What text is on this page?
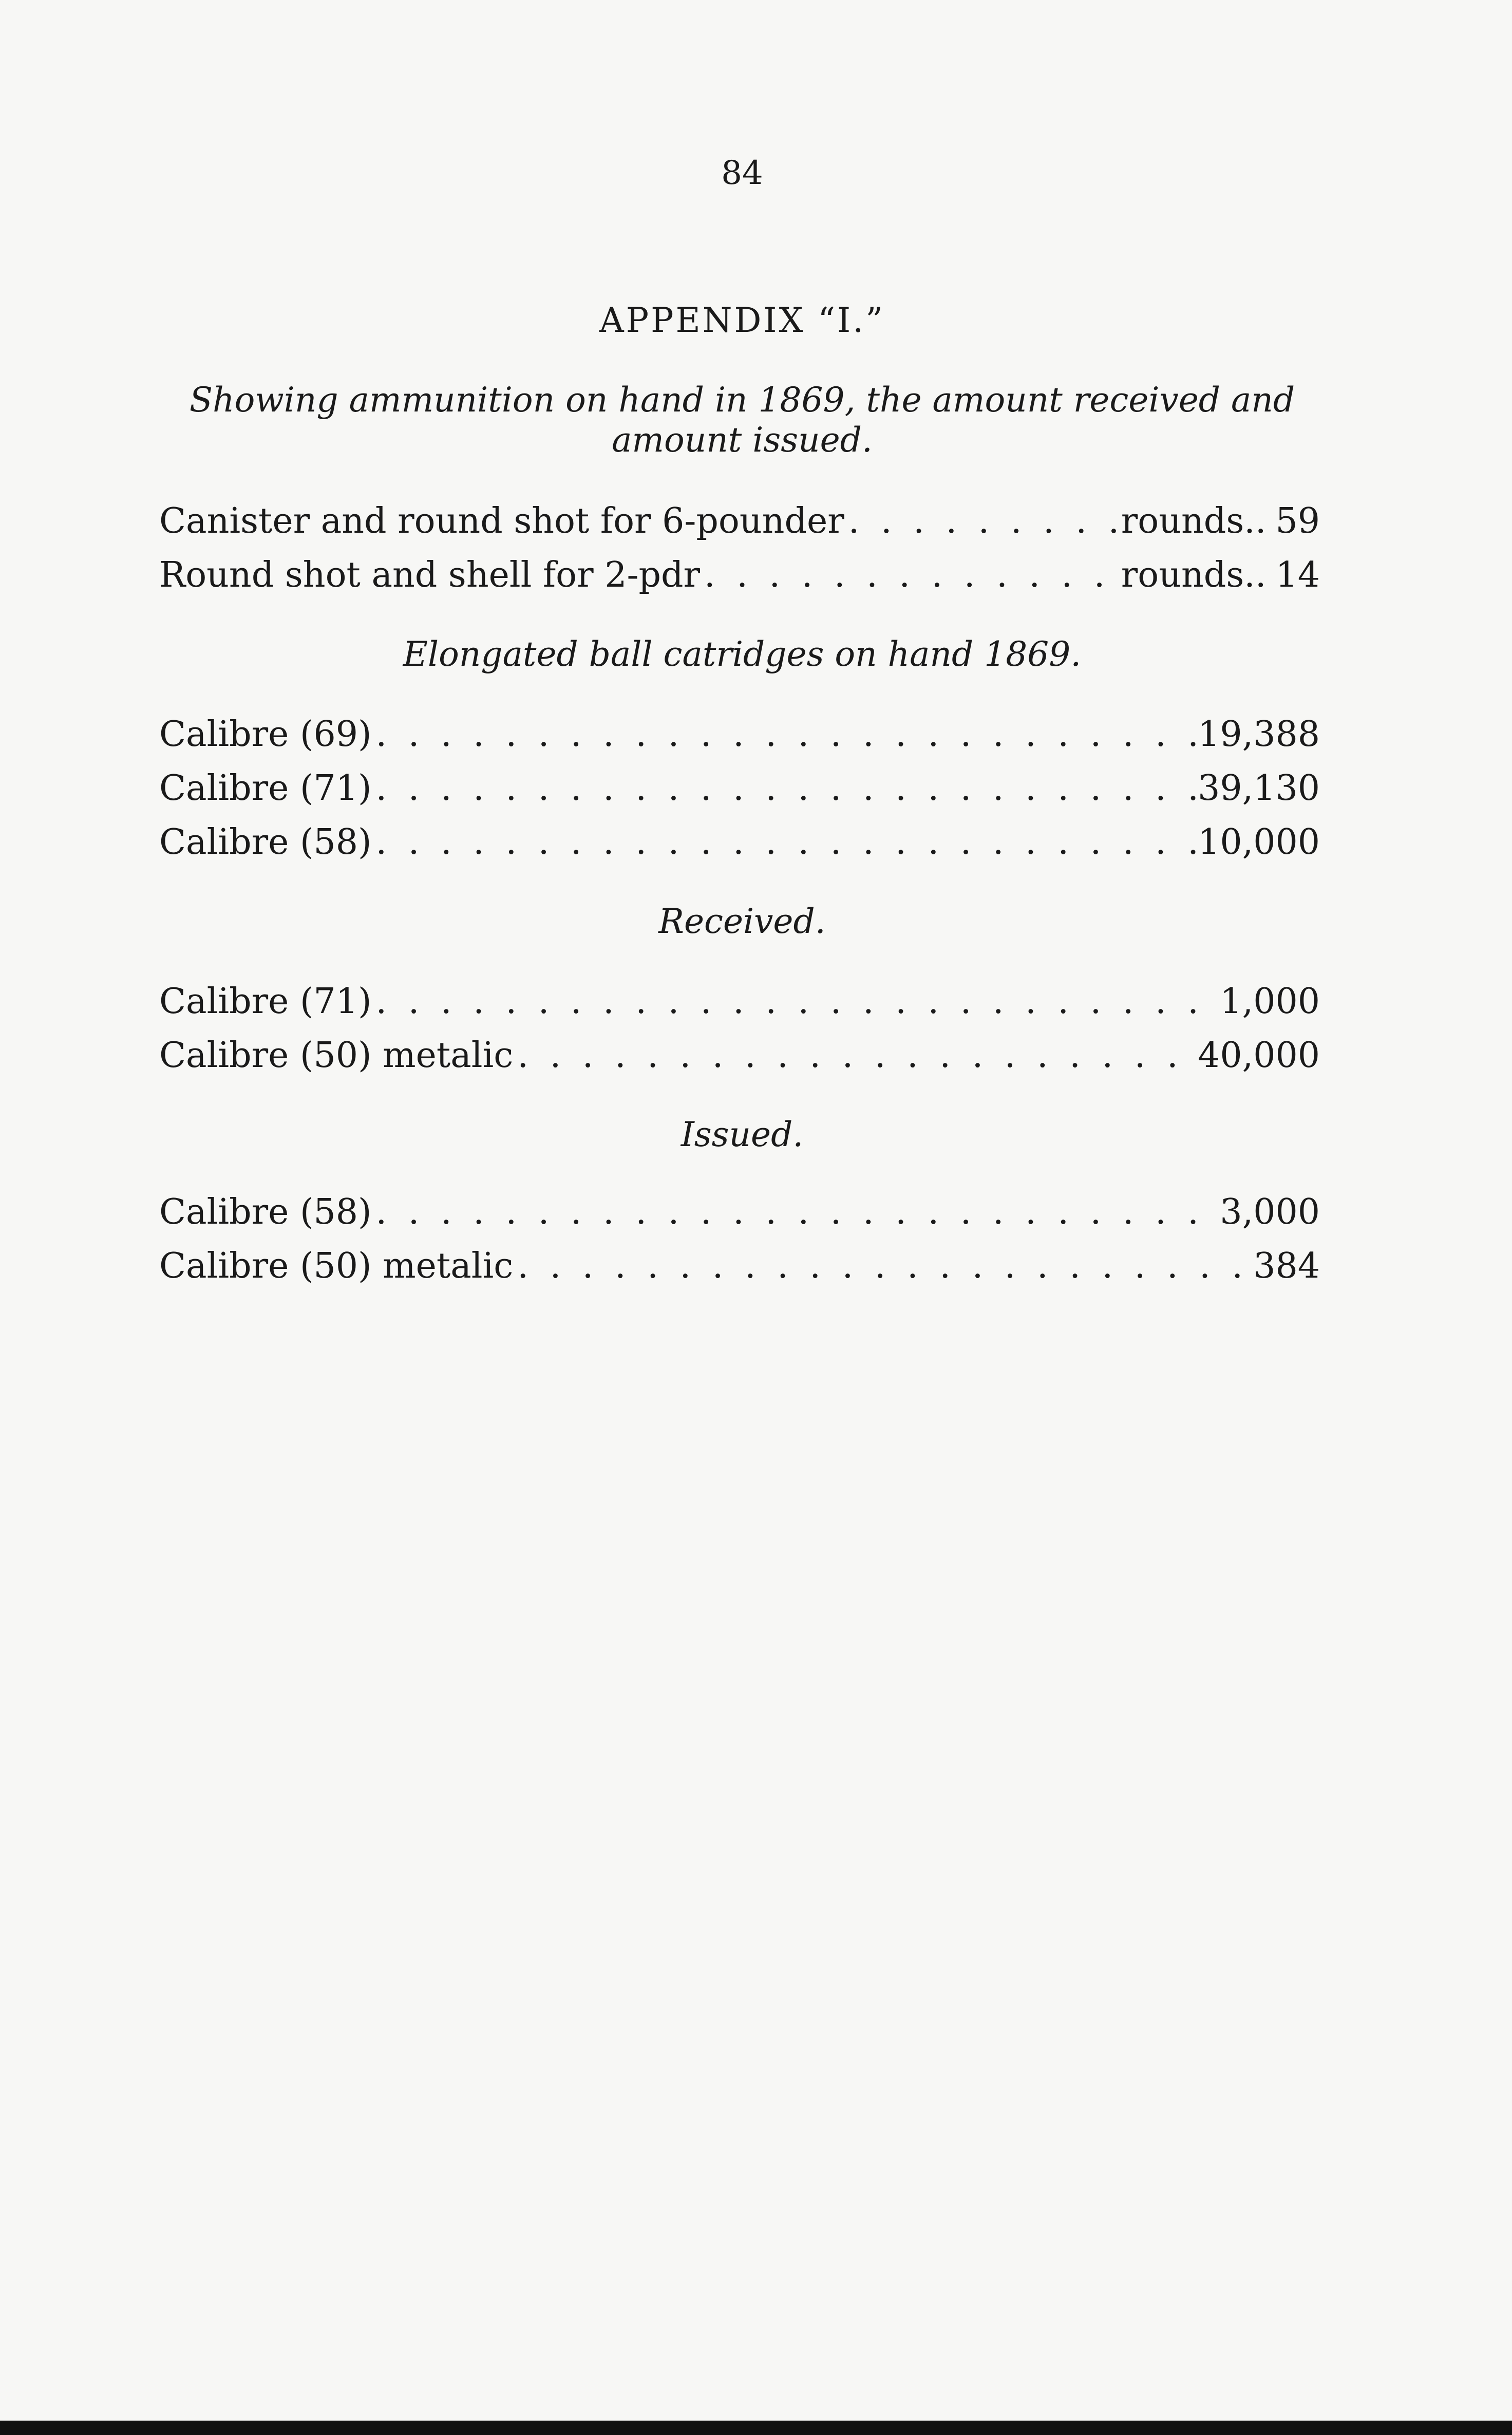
84
APPENDIX “I.”
Showing ammunition on hand in 1869, the amount received and amount issued.
Canister and round shot for 6-pounder . . .	rounds.. 59
Round shot and shell for 2-pdr . . .	rounds.. 14
Elongated ball catridges on hand 1869.
Calibre (69) . . .	19,388
Calibre (71) . . .	39,130
Calibre (58) . . .	10,000
Received.
Calibre (71) . . .	1,000
Calibre (50) metalic . . .	40,000
Issued.
Calibre (58) . . .	3,000
Calibre (50) metalic . . .	384
